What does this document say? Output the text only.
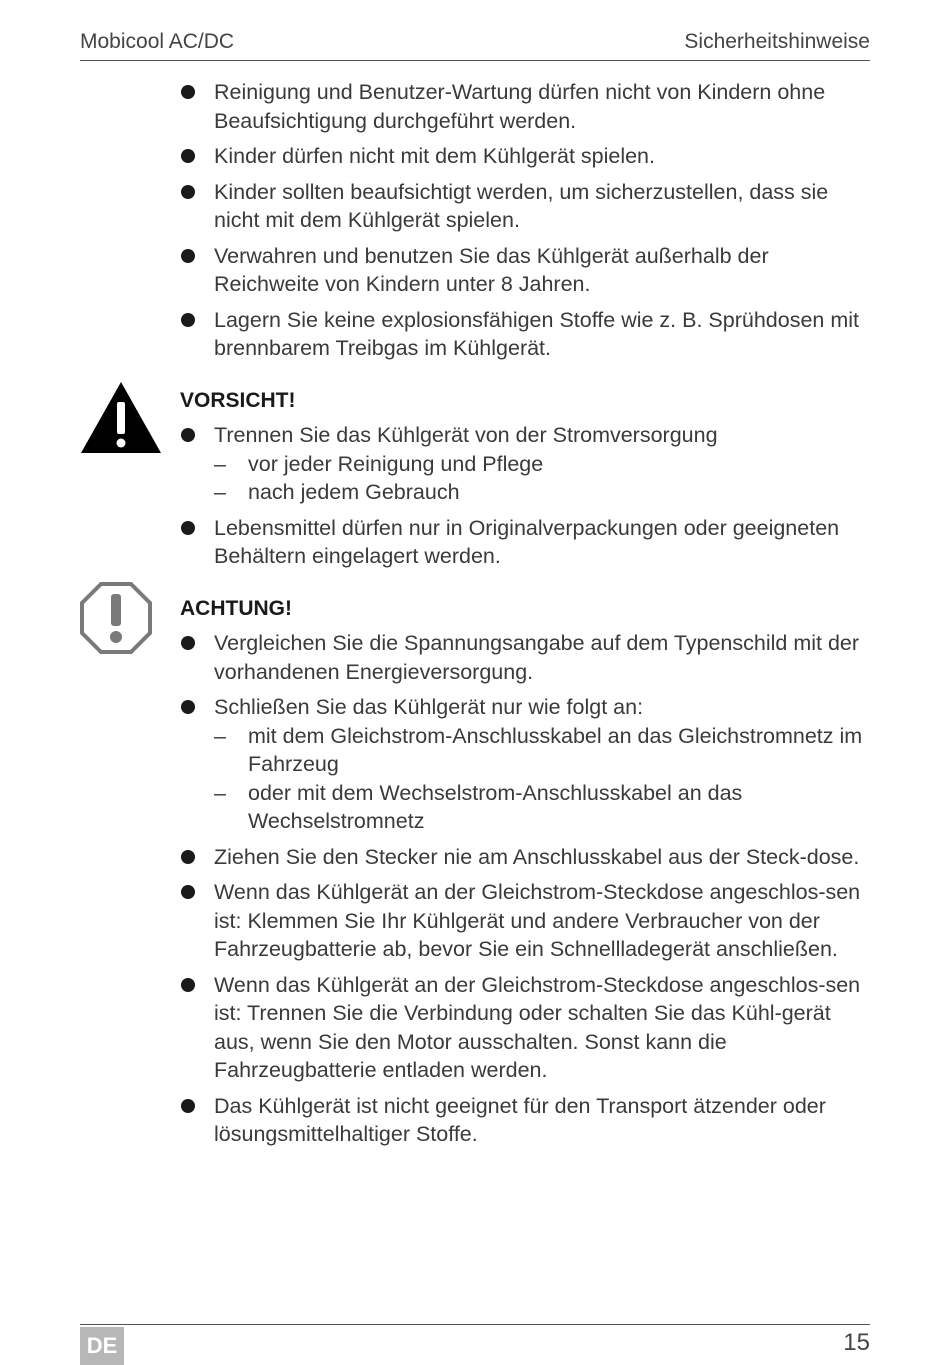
Mobicool AC/DC	Sicherheitshinweise
Reinigung und Benutzer-Wartung dürfen nicht von Kindern ohne Beaufsichtigung durchgeführt werden.
Kinder dürfen nicht mit dem Kühlgerät spielen.
Kinder sollten beaufsichtigt werden, um sicherzustellen, dass sie nicht mit dem Kühlgerät spielen.
Verwahren und benutzen Sie das Kühlgerät außerhalb der Reichweite von Kindern unter 8 Jahren.
Lagern Sie keine explosionsfähigen Stoffe wie z. B. Sprühdosen mit brennbarem Treibgas im Kühlgerät.
VORSICHT!
Trennen Sie das Kühlgerät von der Stromversorgung
– vor jeder Reinigung und Pflege
– nach jedem Gebrauch
Lebensmittel dürfen nur in Originalverpackungen oder geeigneten Behältern eingelagert werden.
ACHTUNG!
Vergleichen Sie die Spannungsangabe auf dem Typenschild mit der vorhandenen Energieversorgung.
Schließen Sie das Kühlgerät nur wie folgt an:
– mit dem Gleichstrom-Anschlusskabel an das Gleichstromnetz im Fahrzeug
– oder mit dem Wechselstrom-Anschlusskabel an das Wechselstromnetz
Ziehen Sie den Stecker nie am Anschlusskabel aus der Steck-dose.
Wenn das Kühlgerät an der Gleichstrom-Steckdose angeschlos-sen ist: Klemmen Sie Ihr Kühlgerät und andere Verbraucher von der Fahrzeugbatterie ab, bevor Sie ein Schnellladegerät anschließen.
Wenn das Kühlgerät an der Gleichstrom-Steckdose angeschlos-sen ist: Trennen Sie die Verbindung oder schalten Sie das Kühl-gerät aus, wenn Sie den Motor ausschalten. Sonst kann die Fahrzeugbatterie entladen werden.
Das Kühlgerät ist nicht geeignet für den Transport ätzender oder lösungsmittelhaltiger Stoffe.
DE	15
